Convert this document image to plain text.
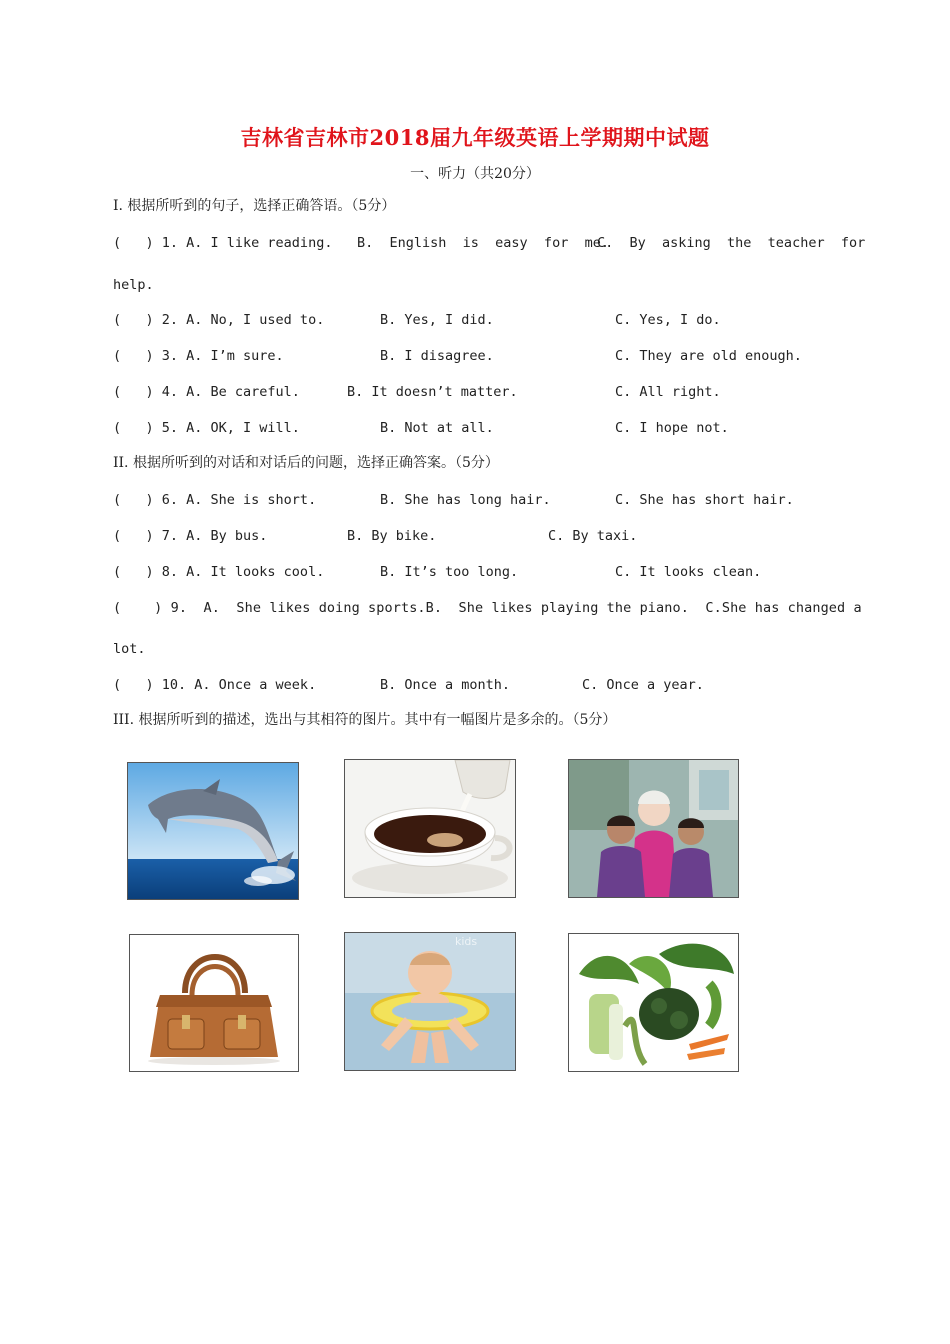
吉林省吉林市2018届九年级英语上学期期中试题
一、听力（共20分）
I. 根据所听到的句子，选择正确答语。（5分）
(   ) 1. A. I like reading. B.  English  is  easy  for  me.
C.  By  asking  the  teacher  for
help.
(   ) 2. A. No, I used to.	B. Yes, I did.	C. Yes, I do.
(   ) 3. A. I’m sure.	B. I disagree.	C. They are old enough.
(   ) 4. A. Be careful.	B. It doesn’t matter.	C. All right.
(   ) 5. A. OK, I will.	B. Not at all.	C. I hope not.
II. 根据所听到的对话和对话后的问题，选择正确答案。（5分）
(   ) 6. A. She is short.	B. She has long hair.	C. She has short hair.
(   ) 7. A. By bus.	B. By bike.	C. By taxi.
(   ) 8. A. It looks cool.	B. It’s too long.	C. It looks clean.
(    ) 9.  A.  She likes doing sports.B.  She likes playing the piano.  C.She has changed a
lot.
(   ) 10. A. Once a week.	B. Once a month.	C. Once a year.
III. 根据所听到的描述，选出与其相符的图片。其中有一幅图片是多余的。（5分）
kids
